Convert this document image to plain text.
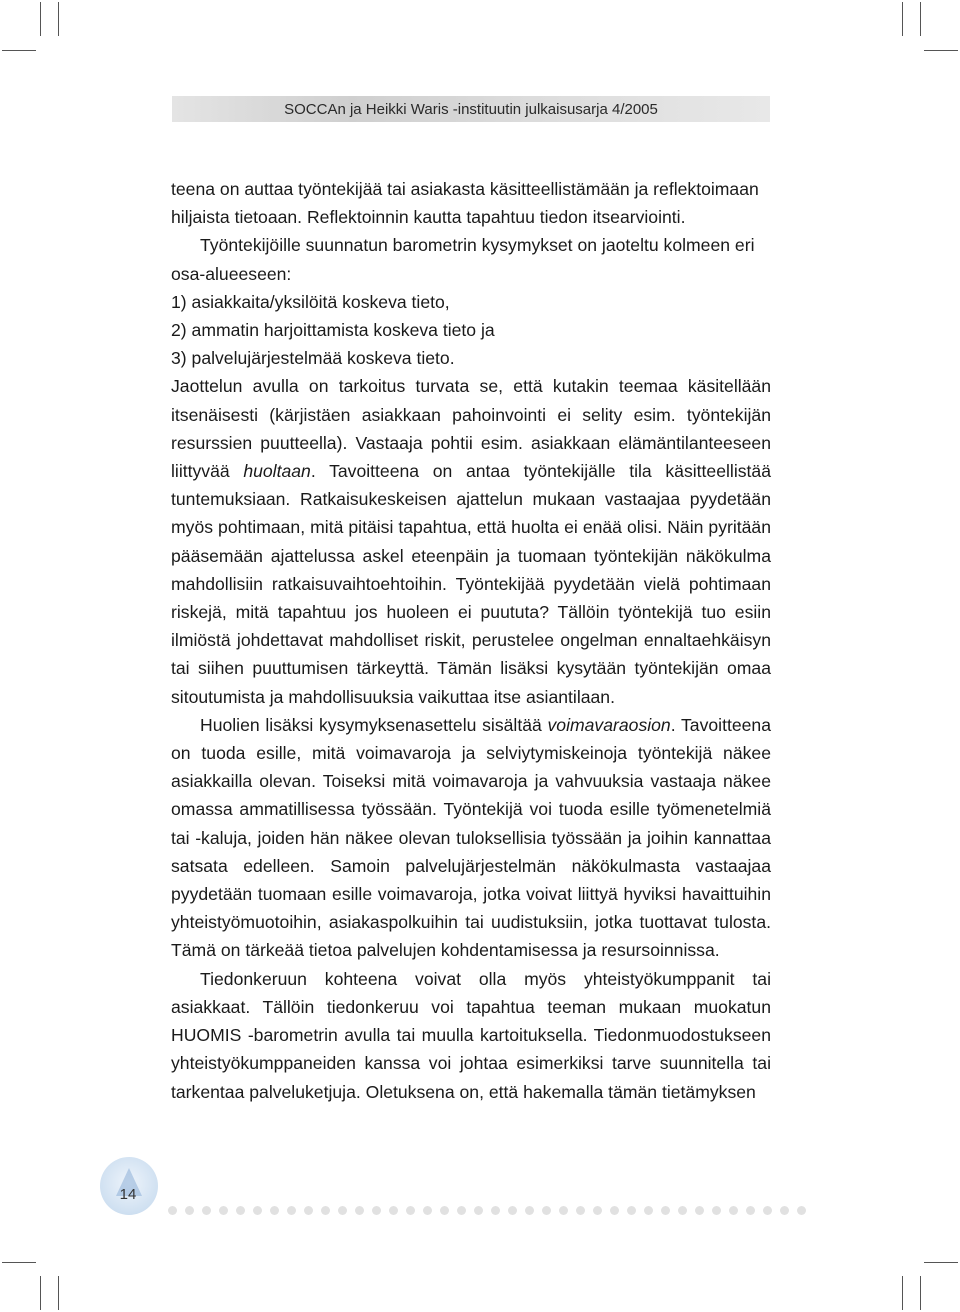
SOCCAn ja Heikki Waris -instituutin julkaisusarja 4/2005

teena on auttaa työntekijää tai asiakasta käsitteellistämään ja reflektoimaan
hiljaista tietoaan. Reflektoinnin kautta tapahtuu tiedon itsearviointi.

Työntekijöille suunnatun barometrin kysymykset on jaoteltu kolmeen eri osa-alueeseen:

1) asiakkaita/yksilöitä koskeva tieto,

2) ammatin harjoittamista koskeva tieto ja

3) palvelujärjestelmää koskeva tieto.

Jaottelun avulla on tarkoitus turvata se, että kutakin teemaa käsitellään itsenäisesti (kärjistäen asiakkaan pahoinvointi ei selity esim. työntekijän resurssien puutteella). Vastaaja pohtii esim. asiakkaan elämäntilanteeseen liittyvää huoltaan. Tavoitteena on antaa työntekijälle tila käsitteellistää tuntemuksiaan. Ratkaisukeskeisen ajattelun mukaan vastaajaa pyydetään myös pohtimaan, mitä pitäisi tapahtua, että huolta ei enää olisi. Näin pyritään pääsemään ajattelussa askel eteenpäin ja tuomaan työntekijän näkökulma mahdollisiin ratkaisuvaihtoehtoihin. Työntekijää pyydetään vielä pohtimaan riskejä, mitä tapahtuu jos huoleen ei puututa? Tällöin työntekijä tuo esiin ilmiöstä johdettavat mahdolliset riskit, perustelee ongelman ennaltaehkäisyn tai siihen puuttumisen tärkeyttä. Tämän lisäksi kysytään työntekijän omaa sitoutumista ja mahdollisuuksia vaikuttaa itse asiantilaan.

Huolien lisäksi kysymyksenasettelu sisältää voimavaraosion. Tavoitteena on tuoda esille, mitä voimavaroja ja selviytymiskeinoja työntekijä näkee asiakkailla olevan. Toiseksi mitä voimavaroja ja vahvuuksia vastaaja näkee omassa ammatillisessa työssään. Työntekijä voi tuoda esille työmenetelmiä tai -kaluja, joiden hän näkee olevan tuloksellisia työssään ja joihin kannattaa satsata edelleen. Samoin palvelujärjestelmän näkökulmasta vastaajaa pyydetään tuomaan esille voimavaroja, jotka voivat liittyä hyviksi havaittuihin yhteistyömuotoihin, asiakaspolkuihin tai uudistuksiin, jotka tuottavat tulosta. Tämä on tärkeää tietoa palvelujen kohdentamisessa ja resursoinnissa.

Tiedonkeruun kohteena voivat olla myös yhteistyökumppanit tai asiakkaat. Tällöin tiedonkeruu voi tapahtua teeman mukaan muokatun HUOMIS -barometrin avulla tai muulla kartoituksella. Tiedonmuodostukseen yhteistyökumppaneiden kanssa voi johtaa esimerkiksi tarve suunnitella tai tarkentaa palveluketjuja. Oletuksena on, että hakemalla tämän tietämyksen

14
